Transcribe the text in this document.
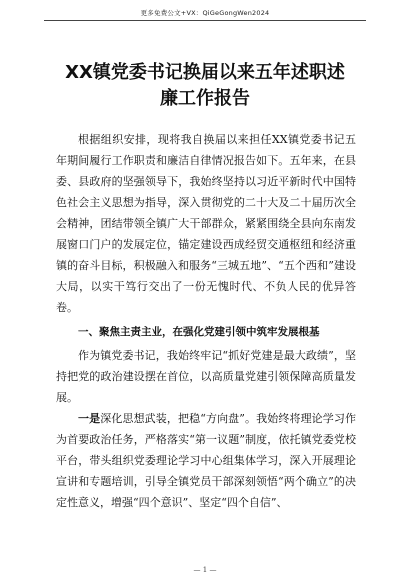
更多免费公文+VX：QiGeGongWen2024
XX镇党委书记换届以来五年述职述廉工作报告

根据组织安排，现将我自换届以来担任XX镇党委书记五年期间履行工作职责和廉洁自律情况报告如下。五年来，在县委、县政府的坚强领导下，我始终坚持以习近平新时代中国特色社会主义思想为指导，深入贯彻党的二十大及二十届历次全会精神，团结带领全镇广大干部群众，紧紧围绕全县向东南发展窗口门户的发展定位，锚定建设西成经贸交通枢纽和经济重镇的奋斗目标，积极融入和服务“三城五地”、“五个西和”建设大局，以实干笃行交出了一份无愧时代、不负人民的优异答卷。

一、聚焦主责主业，在强化党建引领中筑牢发展根基

作为镇党委书记，我始终牢记“抓好党建是最大政绩”，坚持把党的政治建设摆在首位，以高质量党建引领保障高质量发展。

一是深化思想武装，把稳“方向盘”。我始终将理论学习作为首要政治任务，严格落实“第一议题”制度，依托镇党委党校平台，带头组织党委理论学习中心组集体学习，深入开展理论宣讲和专题培训，引导全镇党员干部深刻领悟“两个确立”的决定性意义，增强“四个意识”、坚定“四个自信”、

— 1 —
